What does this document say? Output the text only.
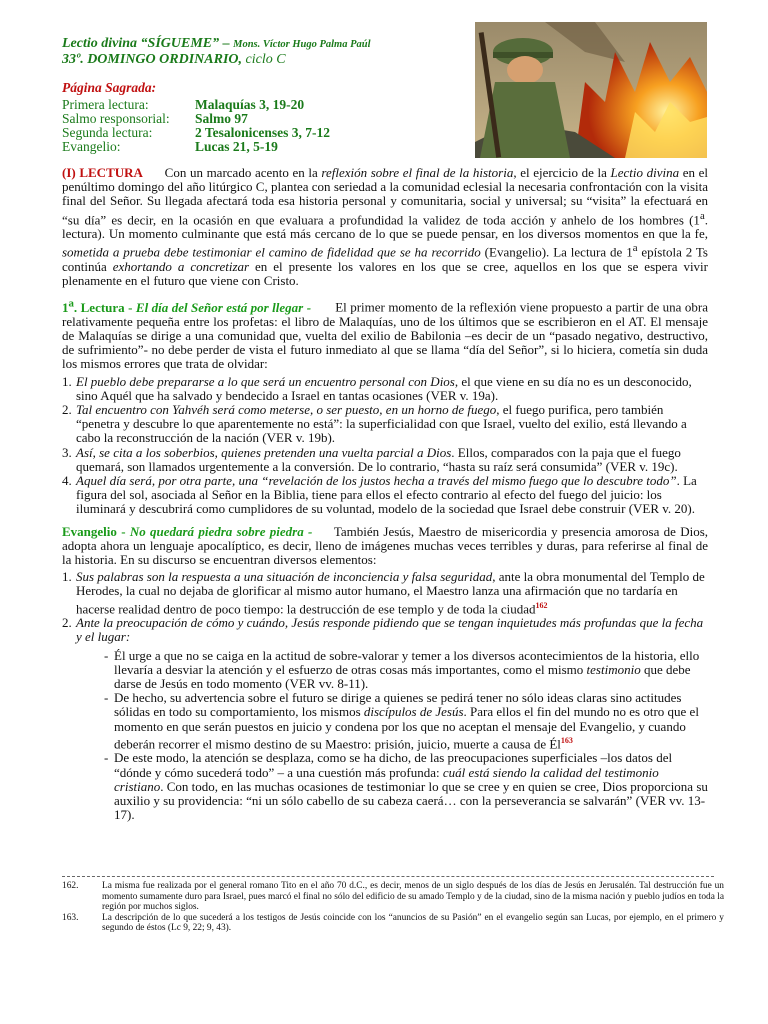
Lectio divina “SÍGUEME” – Mons. Víctor Hugo Palma Paúl
33º. DOMINGO ORDINARIO, ciclo C
Página Sagrada:
Primera lectura:	Malaquías 3, 19-20
Salmo responsorial:	Salmo 97
Segunda lectura:	2 Tesalonicenses 3, 7-12
Evangelio:	Lucas 21, 5-19

(I) LECTURA Con un marcado acento en la reflexión sobre el final de la historia, el ejercicio de la Lectio divina en el penúltimo domingo del año litúrgico C, plantea con seriedad a la comunidad eclesial la necesaria confrontación con la visita final del Señor. Su llegada afectará toda esa historia personal y comunitaria, social y universal; su “visita” la efectuará en “su día” es decir, en la ocasión en que evaluara a profundidad la validez de toda acción y anhelo de los hombres (1$^a$. lectura). Un momento culminante que está más cercano de lo que se puede pensar, en los diversos momentos en que la fe, sometida a prueba debe testimoniar el camino de fidelidad que se ha recorrido (Evangelio). La lectura de 1$^a$ epístola 2 Ts continúa exhortando a concretizar en el presente los valores en los que se cree, aquellos en los que se espera vivir plenamente en el futuro que viene con Cristo.

1$^a$. Lectura - El día del Señor está por llegar - El primer momento de la reflexión viene propuesto a partir de una obra relativamente pequeña entre los profetas: el libro de Malaquías, uno de los últimos que se escribieron en el AT. El mensaje de Malaquías se dirige a una comunidad que, vuelta del exilio de Babilonia –es decir de un “pasado negativo, destructivo, de sufrimiento”- no debe perder de vista el futuro inmediato al que se llama “día del Señor”, si lo hiciera, cometía sin duda los mismos errores que trata de olvidar:

1. El pueblo debe prepararse a lo que será un encuentro personal con Dios, el que viene en su día no es un desconocido, sino Aquél que ha salvado y bendecido a Israel en tantas ocasiones (VER v. 19a).
2. Tal encuentro con Yahvéh será como meterse, o ser puesto, en un horno de fuego, el fuego purifica, pero también “penetra y descubre lo que aparentemente no está”: la superficialidad con que Israel, vuelto del exilio, está llevando a cabo la reconstrucción de la nación (VER v. 19b).
3. Así, se cita a los soberbios, quienes pretenden una vuelta parcial a Dios. Ellos, comparados con la paja que el fuego quemará, son llamados urgentemente a la conversión. De lo contrario, “hasta su raíz será consumida” (VER v. 19c).
4. Aquel día será, por otra parte, una “revelación de los justos hecha a través del mismo fuego que lo descubre todo”. La figura del sol, asociada al Señor en la Biblia, tiene para ellos el efecto contrario al efecto del fuego del juicio: los iluminará y descubrirá como cumplidores de su voluntad, modelo de la sociedad que Israel debe construir (VER v. 20).

Evangelio - No quedará piedra sobre piedra - También Jesús, Maestro de misericordia y presencia amorosa de Dios, adopta ahora un lenguaje apocalíptico, es decir, lleno de imágenes muchas veces terribles y duras, para referirse al final de la historia. En su discurso se encuentran diversos elementos:

1. Sus palabras son la respuesta a una situación de inconciencia y falsa seguridad, ante la obra monumental del Templo de Herodes, la cual no dejaba de glorificar al mismo autor humano, el Maestro lanza una afirmación que no tardaría en hacerse realidad dentro de poco tiempo: la destrucción de ese templo y de toda la ciudad$^{162}$
2. Ante la preocupación de cómo y cuándo, Jesús responde pidiendo que se tengan inquietudes más profundas que la fecha y el lugar:
- Él urge a que no se caiga en la actitud de sobre-valorar y temer a los diversos acontecimientos de la historia, ello llevaría a desviar la atención y el esfuerzo de otras cosas más importantes, como el mismo testimonio que debe darse de Jesús en todo momento (VER vv. 8-11).
- De hecho, su advertencia sobre el futuro se dirige a quienes se pedirá tener no sólo ideas claras sino actitudes sólidas en todo su comportamiento, los mismos discípulos de Jesús. Para ellos el fin del mundo no es otro que el momento en que serán puestos en juicio y condena por los que no aceptan el mensaje del Evangelio, y cuando deberán recorrer el mismo destino de su Maestro: prisión, juicio, muerte a causa de Él$^{163}$
- De este modo, la atención se desplaza, como se ha dicho, de las preocupaciones superficiales –los datos del “dónde y cómo sucederá todo” – a una cuestión más profunda: cuál está siendo la calidad del testimonio cristiano. Con todo, en las muchas ocasiones de testimoniar lo que se cree y en quien se cree, Dios proporciona su auxilio y su providencia: “ni un sólo cabello de su cabeza caerá… con la perseverancia se salvarán” (VER vv. 13-17).
162.	La misma fue realizada por el general romano Tito en el año 70 d.C., es decir, menos de un siglo después de los días de Jesús en Jerusalén. Tal destrucción fue un momento sumamente duro para Israel, pues marcó el final no sólo del edificio de su amado Templo y de la ciudad, sino de la misma nación y pueblo judíos en toda la región por muchos siglos.
163.	La descripción de lo que sucederá a los testigos de Jesús coincide con los “anuncios de su Pasión” en el evangelio según san Lucas, por ejemplo, en el primero y segundo de éstos (Lc 9, 22; 9, 43).
